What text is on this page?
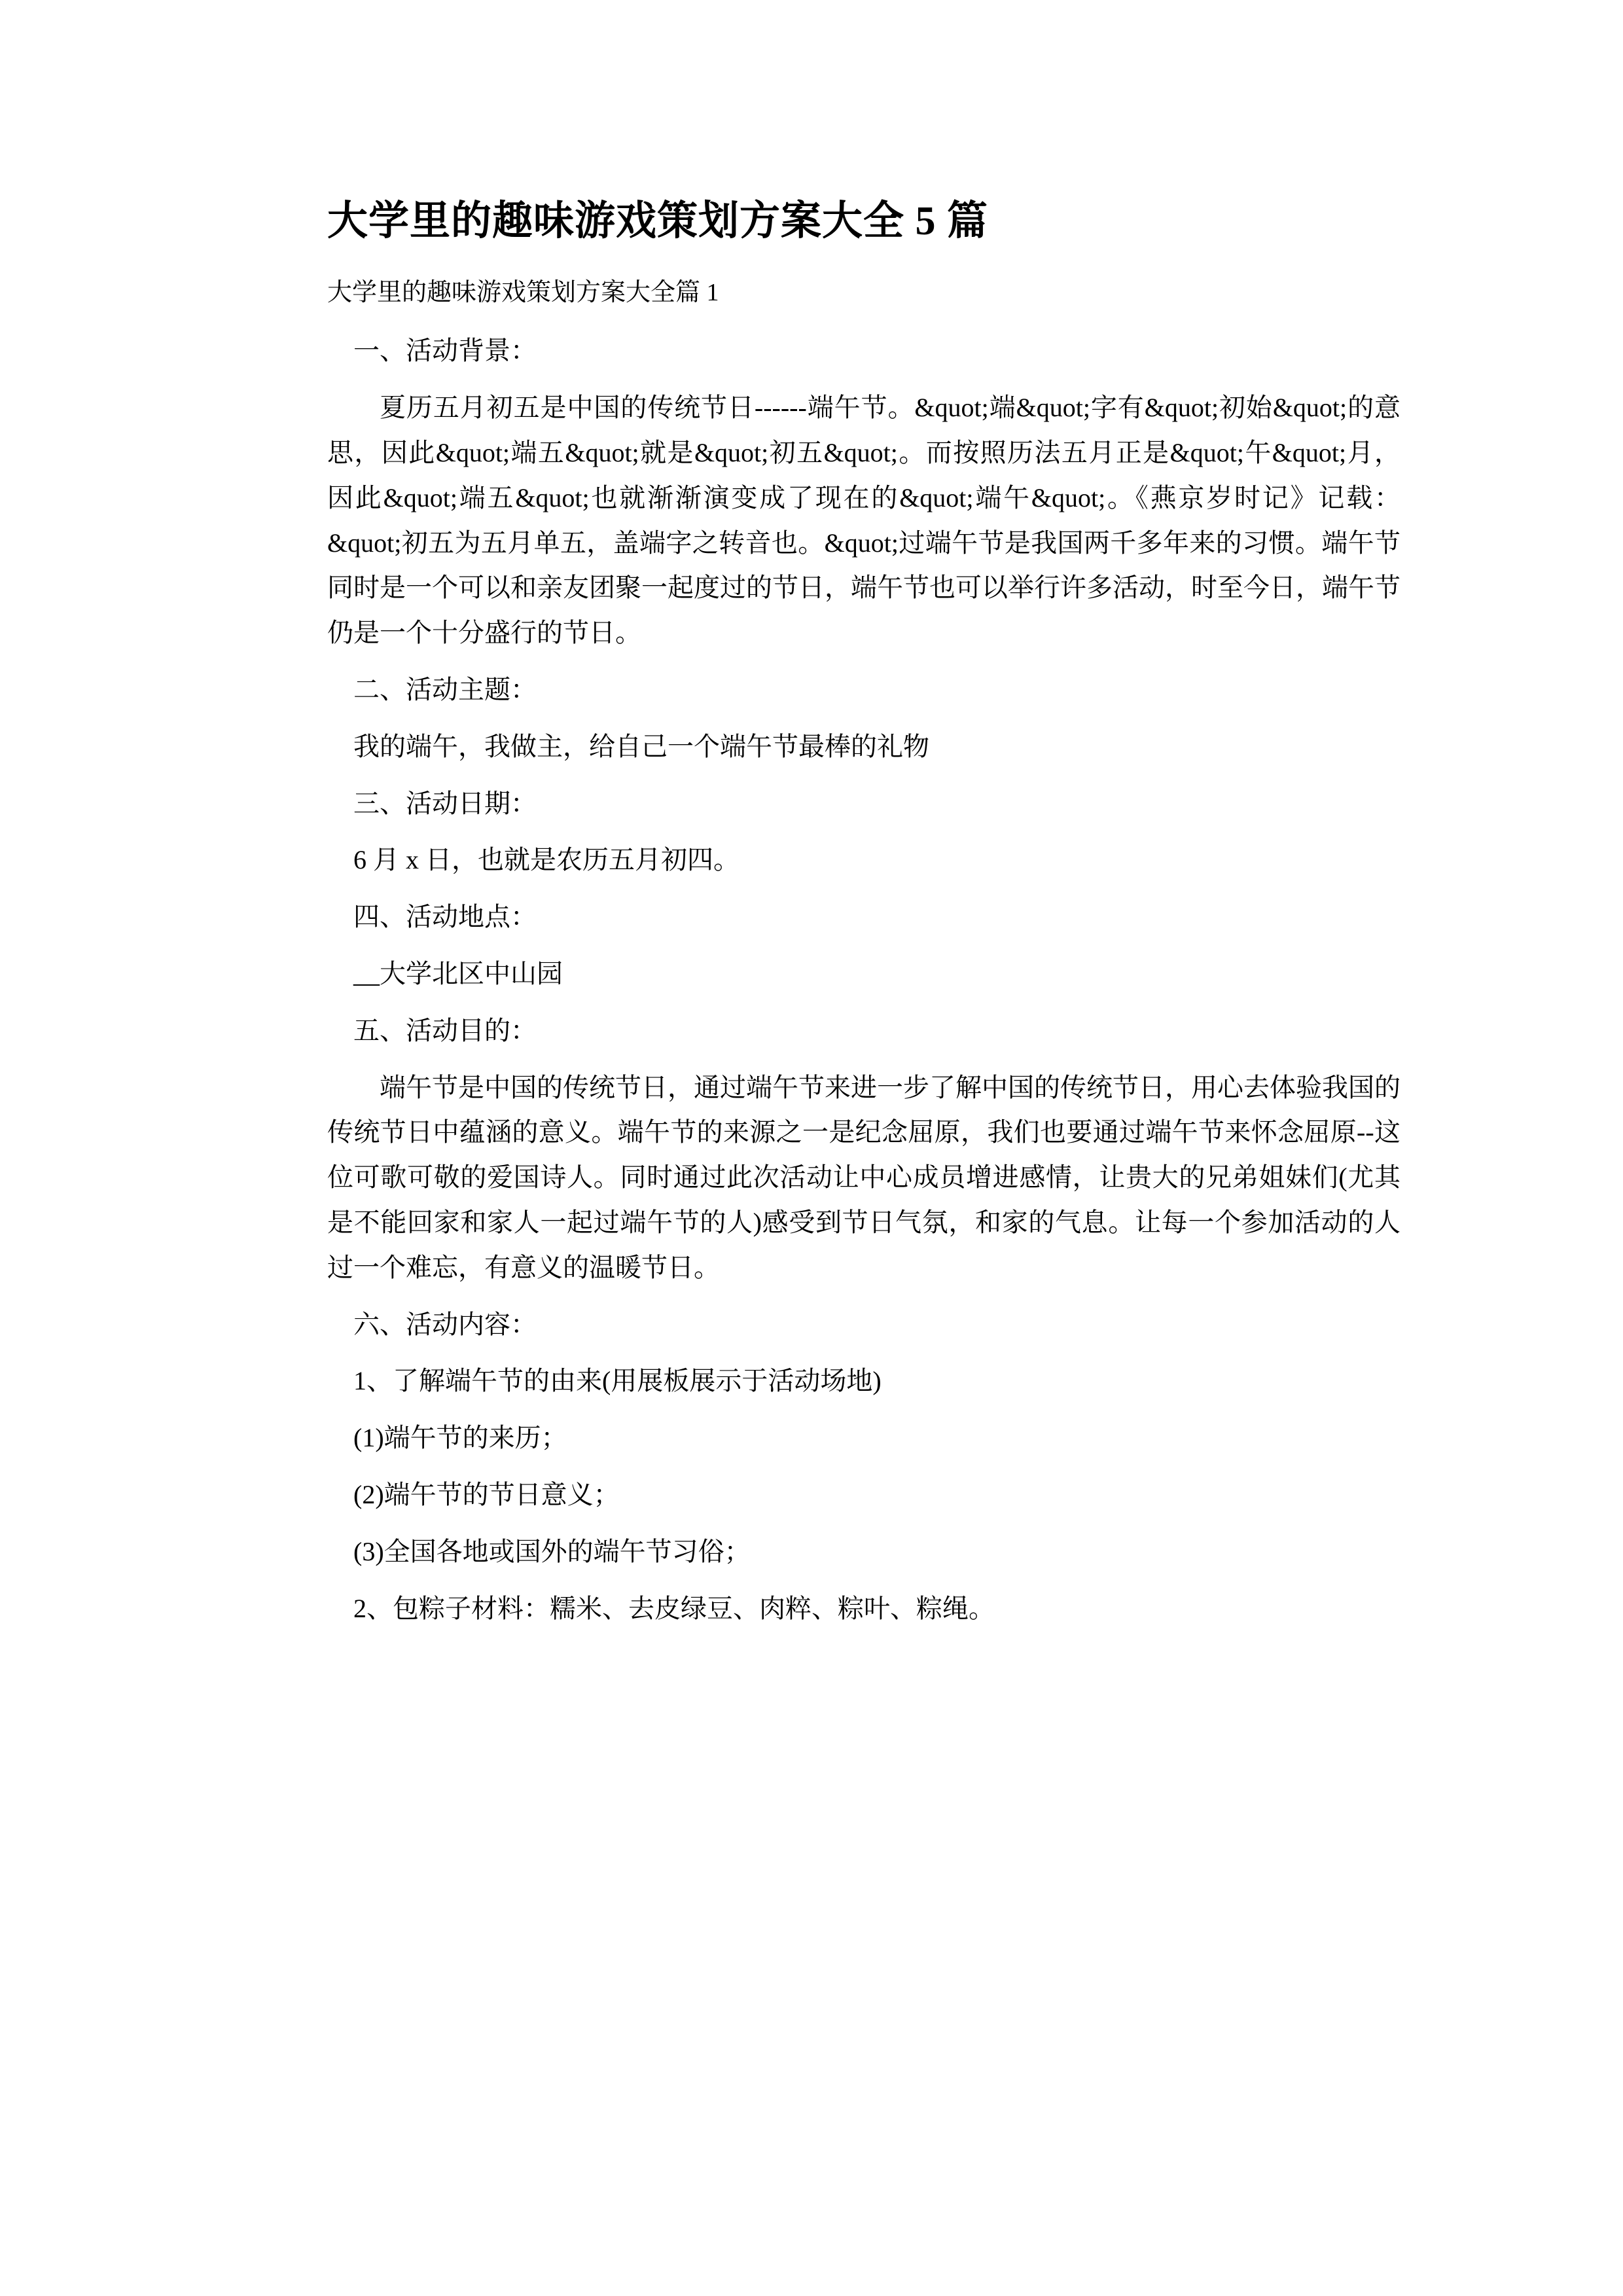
大学里的趣味游戏策划方案大全 5 篇
大学里的趣味游戏策划方案大全篇 1
一、活动背景：
夏历五月初五是中国的传统节日------端午节。&quot;端&quot;字有&quot;初始&quot;的意思，因此&quot;端五&quot;就是&quot;初五&quot;。而按照历法五月正是&quot;午&quot;月，因此&quot;端五&quot;也就渐渐演变成了现在的&quot;端午&quot;。《燕京岁时记》记载：&quot;初五为五月单五，盖端字之转音也。&quot;过端午节是我国两千多年来的习惯。端午节同时是一个可以和亲友团聚一起度过的节日，端午节也可以举行许多活动，时至今日，端午节仍是一个十分盛行的节日。
二、活动主题：
我的端午，我做主，给自己一个端午节最棒的礼物
三、活动日期：
6 月 x 日，也就是农历五月初四。
四、活动地点：
__大学北区中山园
五、活动目的：
端午节是中国的传统节日，通过端午节来进一步了解中国的传统节日，用心去体验我国的传统节日中蕴涵的意义。端午节的来源之一是纪念屈原，我们也要通过端午节来怀念屈原--这位可歌可敬的爱国诗人。同时通过此次活动让中心成员增进感情，让贵大的兄弟姐妹们(尤其是不能回家和家人一起过端午节的人)感受到节日气氛，和家的气息。让每一个参加活动的人过一个难忘，有意义的温暖节日。
六、活动内容：
1、了解端午节的由来(用展板展示于活动场地)
(1)端午节的来历；
(2)端午节的节日意义；
(3)全国各地或国外的端午节习俗；
2、包粽子材料：糯米、去皮绿豆、肉粹、粽叶、粽绳。
